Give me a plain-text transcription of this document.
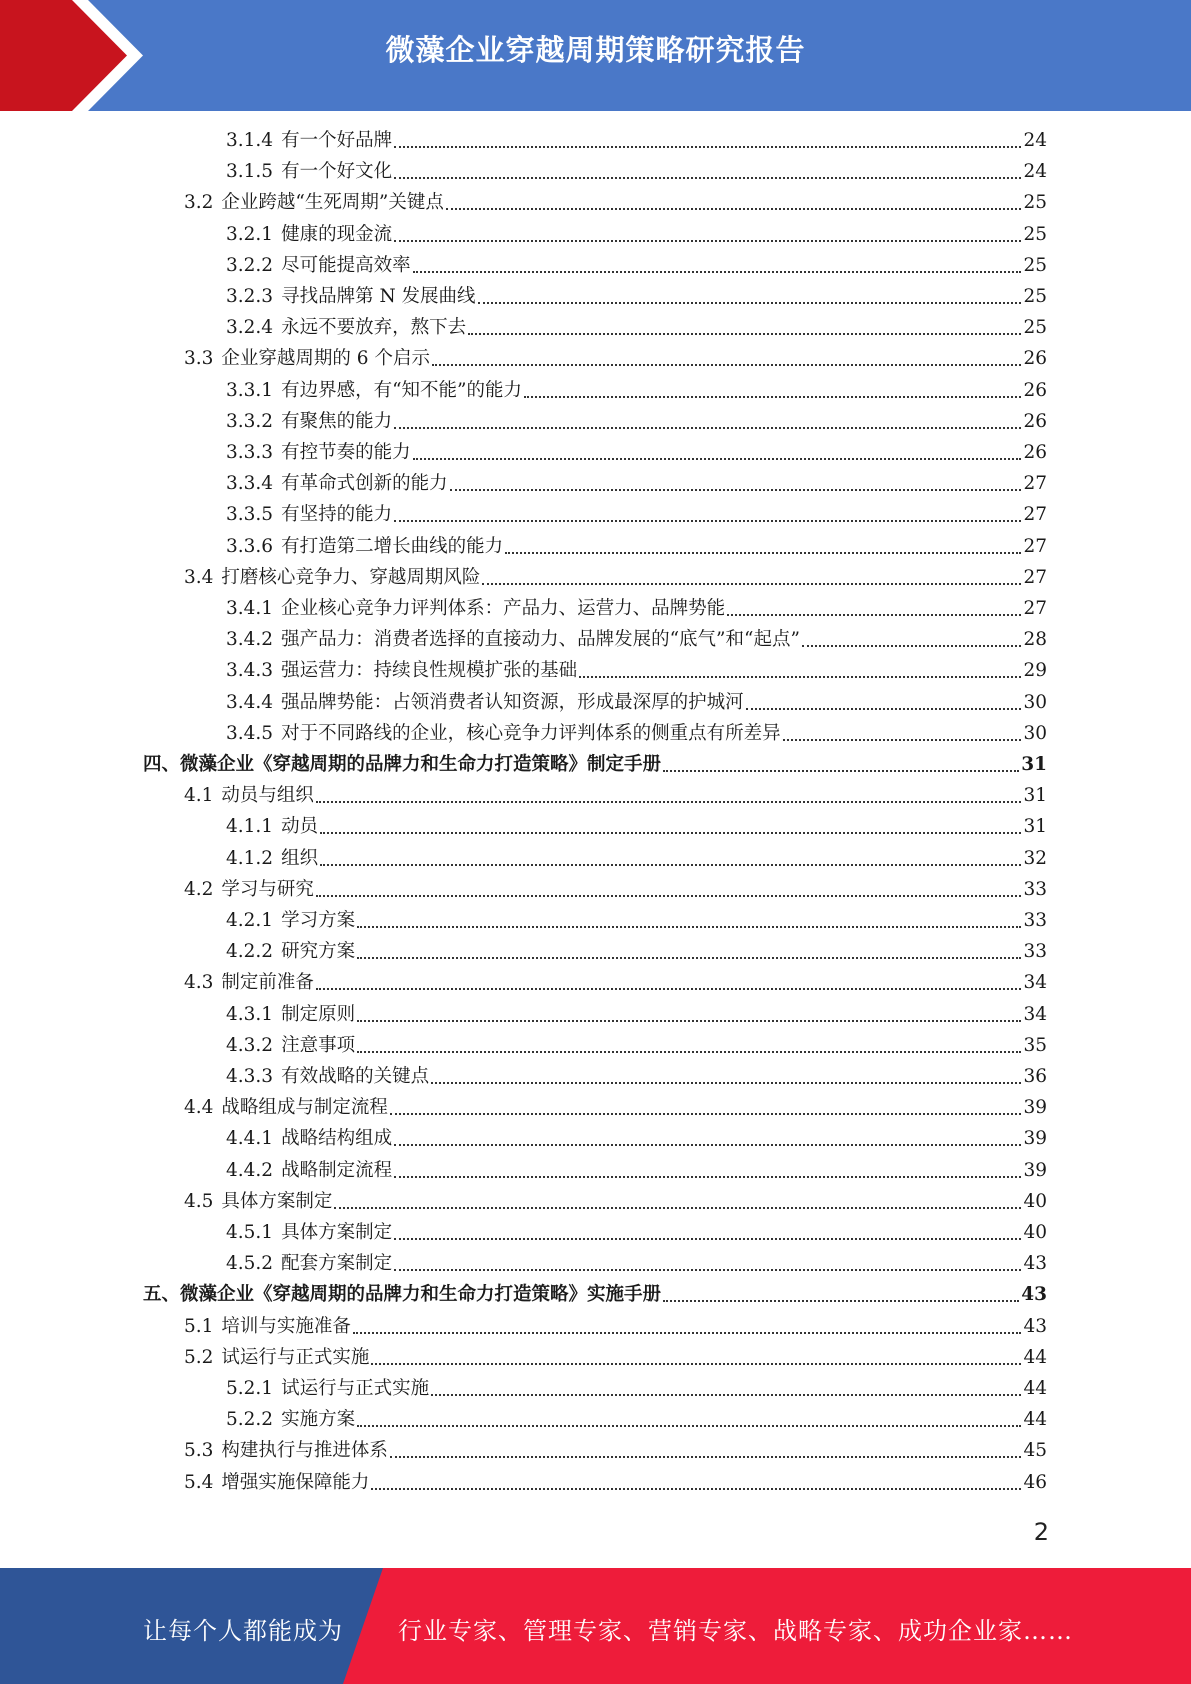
微藻企业穿越周期策略研究报告
3.1.4 有一个好品牌	24
3.1.5 有一个好文化	24
3.2 企业跨越“生死周期”关键点	25
3.2.1 健康的现金流	25
3.2.2 尽可能提高效率	25
3.2.3 寻找品牌第 N 发展曲线	25
3.2.4 永远不要放弃，熬下去	25
3.3 企业穿越周期的 6 个启示	26
3.3.1 有边界感，有“知不能”的能力	26
3.3.2 有聚焦的能力	26
3.3.3 有控节奏的能力	26
3.3.4 有革命式创新的能力	27
3.3.5 有坚持的能力	27
3.3.6 有打造第二增长曲线的能力	27
3.4 打磨核心竞争力、穿越周期风险	27
3.4.1 企业核心竞争力评判体系：产品力、运营力、品牌势能	27
3.4.2 强产品力：消费者选择的直接动力、品牌发展的“底气”和“起点”	28
3.4.3 强运营力：持续良性规模扩张的基础	29
3.4.4 强品牌势能：占领消费者认知资源，形成最深厚的护城河	30
3.4.5 对于不同路线的企业，核心竞争力评判体系的侧重点有所差异	30
四、 微藻企业《穿越周期的品牌力和生命力打造策略》制定手册	31
4.1 动员与组织	31
4.1.1 动员	31
4.1.2 组织	32
4.2 学习与研究	33
4.2.1 学习方案	33
4.2.2 研究方案	33
4.3 制定前准备	34
4.3.1 制定原则	34
4.3.2 注意事项	35
4.3.3 有效战略的关键点	36
4.4 战略组成与制定流程	39
4.4.1 战略结构组成	39
4.4.2 战略制定流程	39
4.5 具体方案制定	40
4.5.1 具体方案制定	40
4.5.2 配套方案制定	43
五、 微藻企业《穿越周期的品牌力和生命力打造策略》实施手册	43
5.1 培训与实施准备	43
5.2 试运行与正式实施	44
5.2.1 试运行与正式实施	44
5.2.2 实施方案	44
5.3 构建执行与推进体系	45
5.4 增强实施保障能力	46
2
让每个人都能成为 行业专家、管理专家、营销专家、战略专家、成功企业家……
